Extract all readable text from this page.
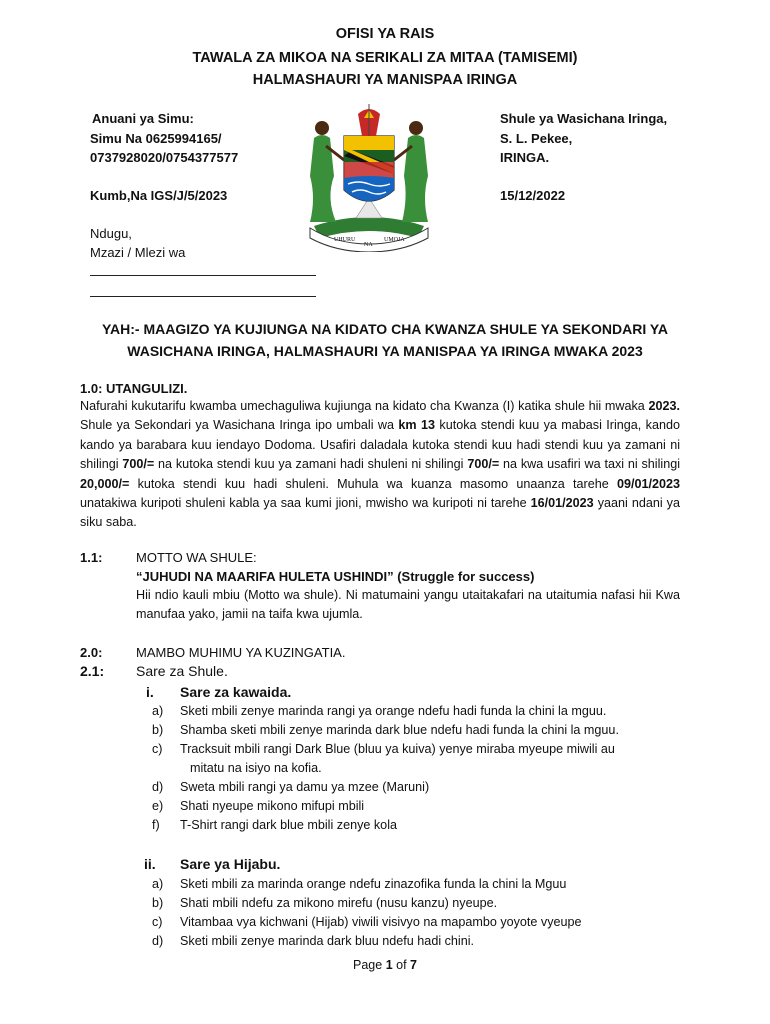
OFISI YA RAIS
TAWALA ZA MIKOA NA SERIKALI ZA MITAA (TAMISEMI)
HALMASHAURI YA MANISPAA IRINGA
Anuani ya Simu:
Simu Na 0625994165/
0737928020/0754377577
Kumb,Na IGS/J/5/2023
Shule ya Wasichana Iringa,
S. L. Pekee,
IRINGA.
15/12/2022
UHURU
NA
UMOJA
Ndugu,
Mzazi / Mlezi wa
YAH:- MAAGIZO YA KUJIUNGA NA KIDATO CHA KWANZA SHULE YA SEKONDARI YA
WASICHANA IRINGA, HALMASHAURI YA MANISPAA YA IRINGA MWAKA 2023
1.0: UTANGULIZI.

Nafurahi kukutarifu kwamba umechaguliwa kujiunga na kidato cha Kwanza (I) katika shule hii mwaka 2023. Shule ya Sekondari ya Wasichana Iringa ipo umbali wa km 13 kutoka stendi kuu ya mabasi Iringa, kando kando ya barabara kuu iendayo Dodoma. Usafiri daladala kutoka stendi kuu hadi stendi kuu ya zamani ni shilingi 700/= na kutoka stendi kuu ya zamani hadi shuleni ni shilingi 700/= na kwa usafiri wa taxi ni shilingi 20,000/= kutoka stendi kuu hadi shuleni. Muhula wa kuanza masomo unaanza tarehe 09/01/2023 unatakiwa kuripoti shuleni kabla ya saa kumi jioni, mwisho wa kuripoti ni tarehe 16/01/2023 yaani ndani ya siku saba.

1.1:	MOTTO WA SHULE:
“JUHUDI NA MAARIFA HULETA USHINDI” (Struggle for success)

Hii ndio kauli mbiu (Motto wa shule). Ni matumaini yangu utaitakafari na utaitumia nafasi hii Kwa manufaa yako, jamii na taifa kwa ujumla.

2.0:	MAMBO MUHIMU YA KUZINGATIA.
2.1: Sare za Shule.
i. Sare za kawaida.
a)	Sketi mbili zenye marinda rangi ya orange ndefu hadi funda la chini la mguu.
b)	Shamba sketi mbili zenye marinda dark blue ndefu hadi funda la chini la mguu.
c)	Tracksuit mbili rangi Dark Blue (bluu ya kuiva) yenye miraba myeupe miwili au
mitatu na isiyo na kofia.
d)	Sweta mbili rangi ya damu ya mzee (Maruni)
e)	Shati nyeupe mikono mifupi mbili
f)	T-Shirt rangi dark blue mbili zenye kola
ii. Sare ya Hijabu.
a)	Sketi mbili za marinda orange ndefu zinazofika funda la chini la Mguu
b)	Shati mbili ndefu za mikono mirefu (nusu kanzu) nyeupe.
c)	Vitambaa vya kichwani (Hijab) viwili visivyo na mapambo yoyote vyeupe
d)	Sketi mbili zenye marinda dark bluu ndefu hadi chini.
Page 1 of 7
